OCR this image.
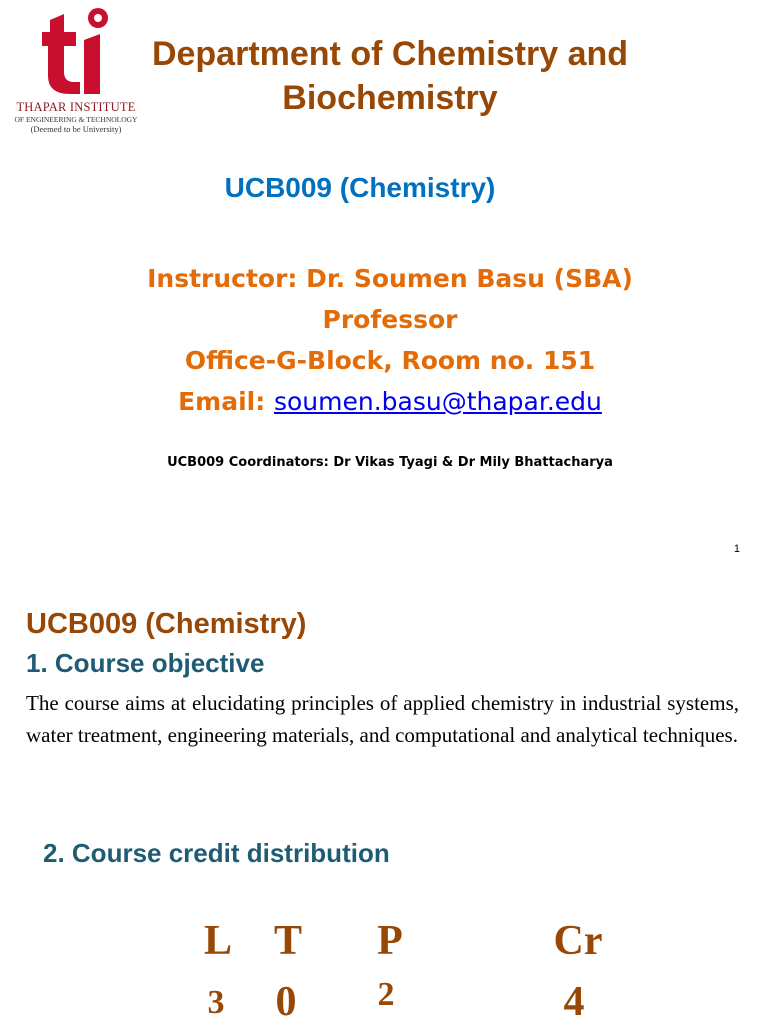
THAPAR INSTITUTE
OF ENGINEERING & TECHNOLOGY
(Deemed to be University)
Department of Chemistry and
Biochemistry
UCB009 (Chemistry)
Instructor: Dr. Soumen Basu (SBA)
Professor
Office-G-Block, Room no. 151
Email: soumen.basu@thapar.edu
UCB009 Coordinators: Dr Vikas Tyagi & Dr Mily Bhattacharya
1
UCB009 (Chemistry)
1. Course objective
The course aims at elucidating principles of applied chemistry in industrial systems, water treatment, engineering materials, and computational and analytical techniques.
2. Course credit distribution
L T P	Cr
3 0	2	4
